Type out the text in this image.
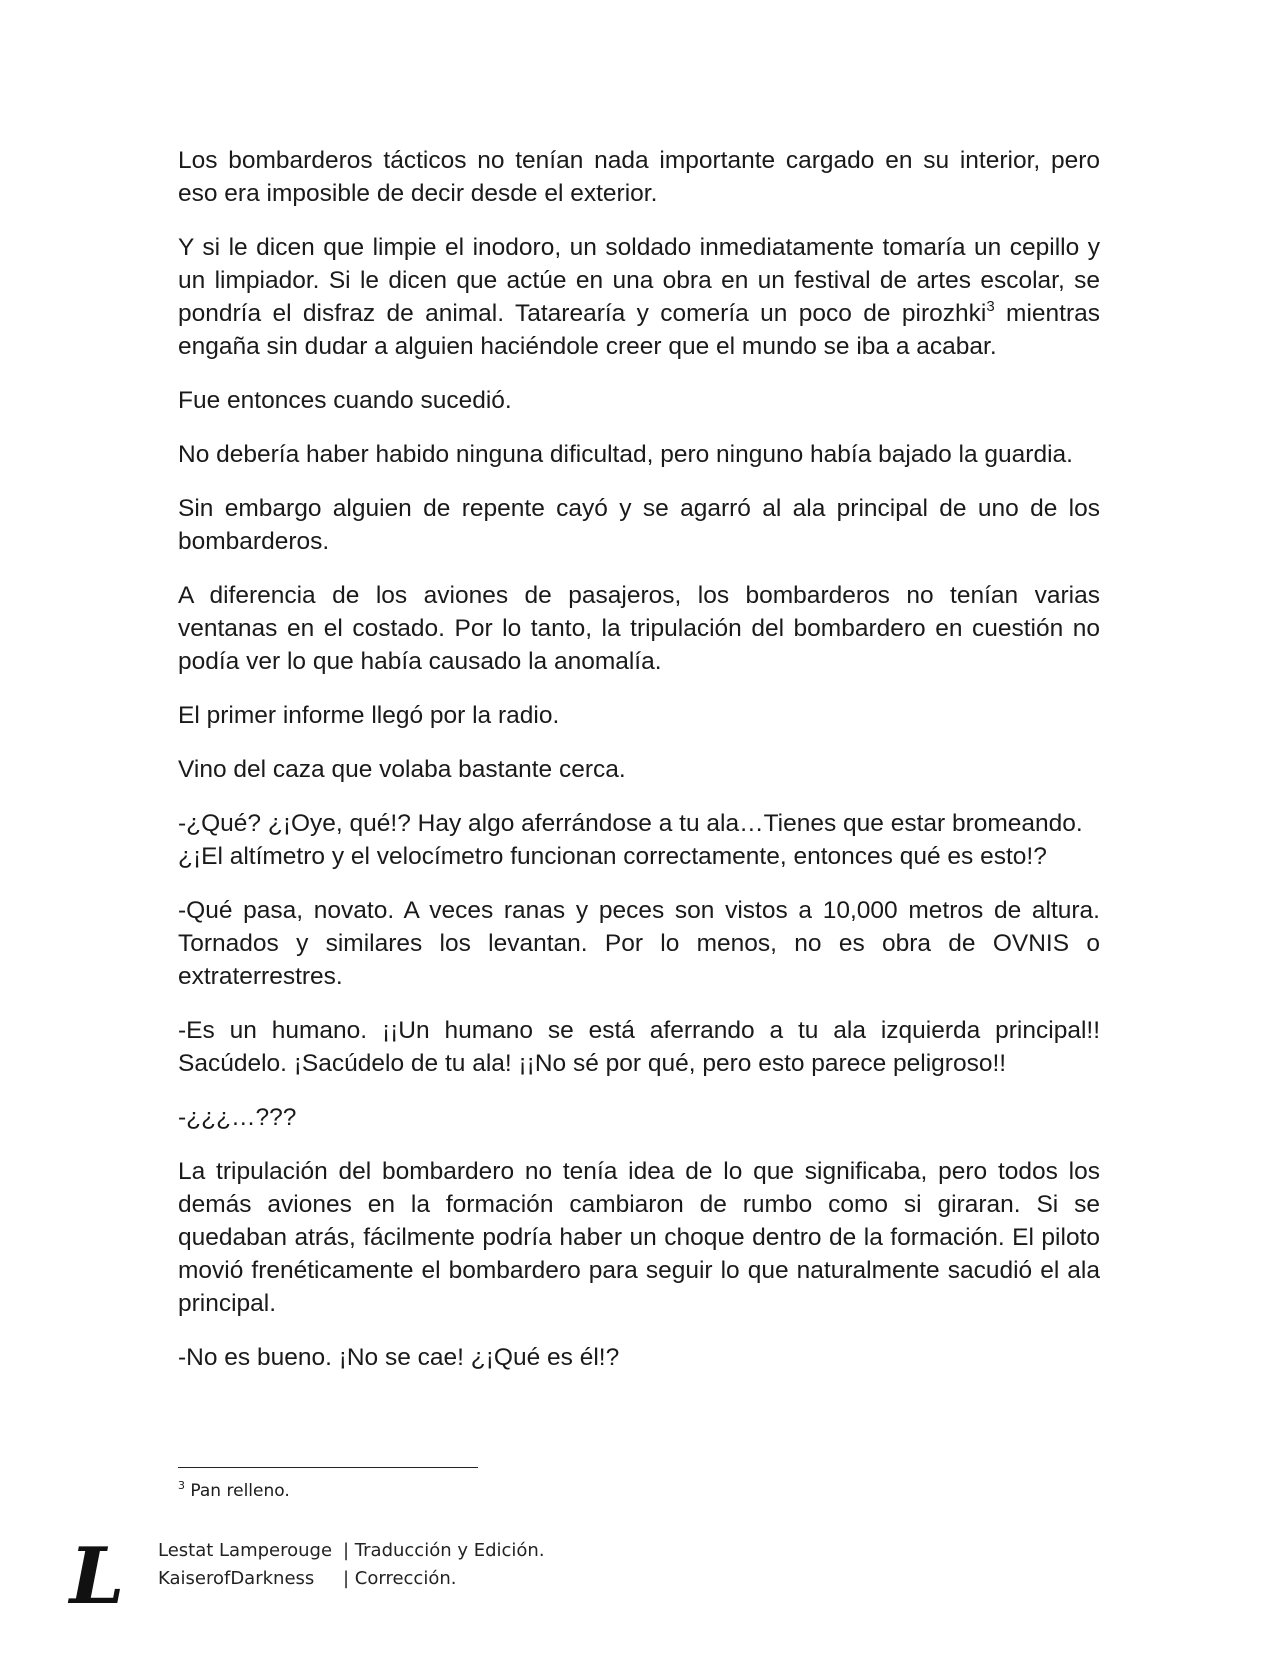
Los bombarderos tácticos no tenían nada importante cargado en su interior, pero eso era imposible de decir desde el exterior.

Y si le dicen que limpie el inodoro, un soldado inmediatamente tomaría un cepillo y un limpiador. Si le dicen que actúe en una obra en un festival de artes escolar, se pondría el disfraz de animal. Tatarearía y comería un poco de pirozhki$^3$ mientras engaña sin dudar a alguien haciéndole creer que el mundo se iba a acabar.

Fue entonces cuando sucedió.

No debería haber habido ninguna dificultad, pero ninguno había bajado la guardia.

Sin embargo alguien de repente cayó y se agarró al ala principal de uno de los bombarderos.

A diferencia de los aviones de pasajeros, los bombarderos no tenían varias ventanas en el costado. Por lo tanto, la tripulación del bombardero en cuestión no podía ver lo que había causado la anomalía.

El primer informe llegó por la radio.

Vino del caza que volaba bastante cerca.

-¿Qué? ¿¡Oye, qué!? Hay algo aferrándose a tu ala…Tienes que estar bromeando. ¿¡El altímetro y el velocímetro funcionan correctamente, entonces qué es esto!?

-Qué pasa, novato. A veces ranas y peces son vistos a 10,000 metros de altura. Tornados y similares los levantan. Por lo menos, no es obra de OVNIS o extraterrestres.

-Es un humano. ¡¡Un humano se está aferrando a tu ala izquierda principal!! Sacúdelo. ¡Sacúdelo de tu ala! ¡¡No sé por qué, pero esto parece peligroso!!

-¿¿¿…???

La tripulación del bombardero no tenía idea de lo que significaba, pero todos los demás aviones en la formación cambiaron de rumbo como si giraran. Si se quedaban atrás, fácilmente podría haber un choque dentro de la formación. El piloto movió frenéticamente el bombardero para seguir lo que naturalmente sacudió el ala principal.

-No es bueno. ¡No se cae! ¿¡Qué es él!?

$^3$ Pan relleno.
L Lestat Lamperouge | Traducción y Edición.
KaiserofDarkness	| Corrección.
